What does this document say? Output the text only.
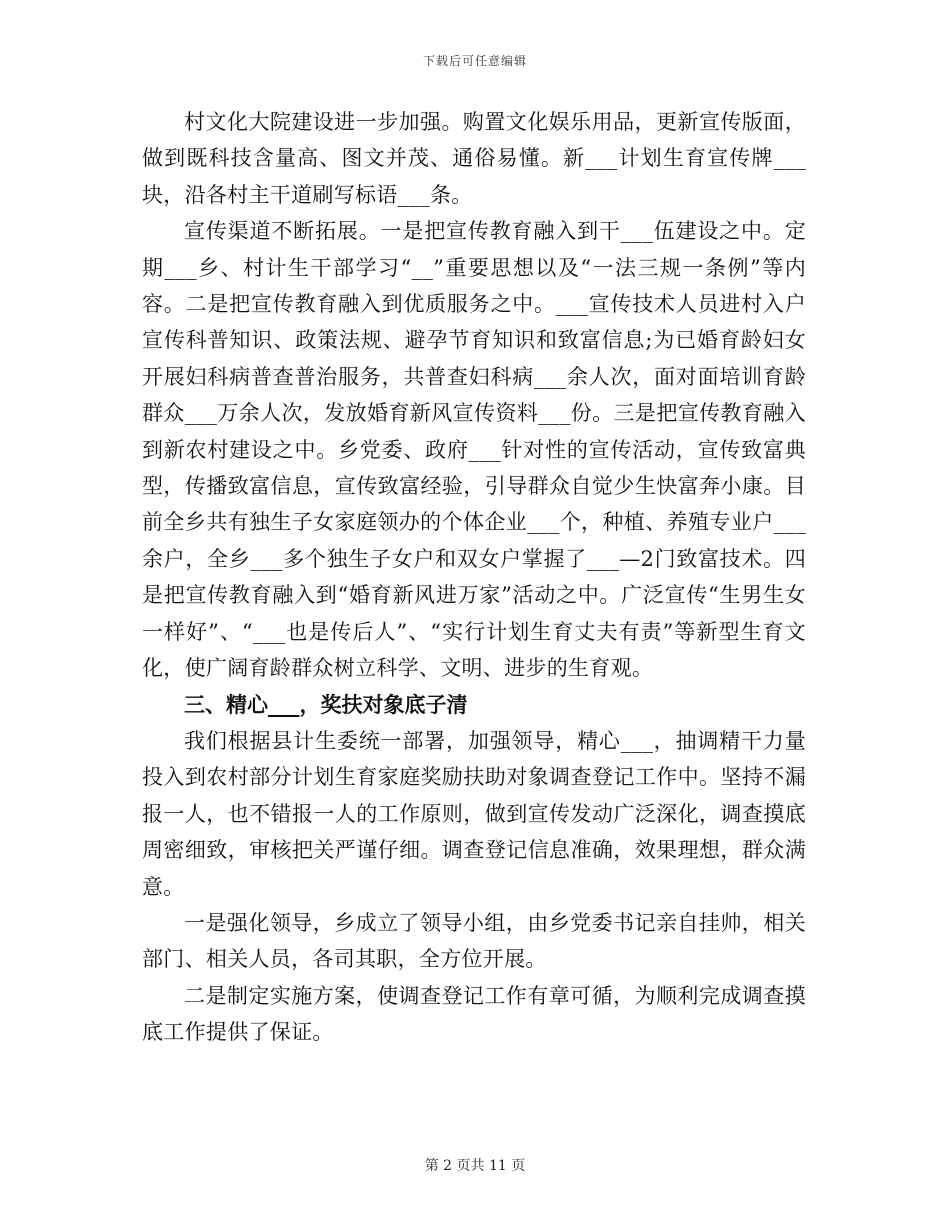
下载后可任意编辑

村文化大院建设进一步加强。购置文化娱乐用品，更新宣传版面，做到既科技含量高、图文并茂、通俗易懂。新___计划生育宣传牌___块，沿各村主干道刷写标语___条。

宣传渠道不断拓展。一是把宣传教育融入到干___伍建设之中。定期___乡、村计生干部学习“__”重要思想以及“一法三规一条例”等内容。二是把宣传教育融入到优质服务之中。___宣传技术人员进村入户宣传科普知识、政策法规、避孕节育知识和致富信息;为已婚育龄妇女开展妇科病普查普治服务，共普查妇科病___余人次，面对面培训育龄群众___万余人次，发放婚育新风宣传资料___份。三是把宣传教育融入到新农村建设之中。乡党委、政府___针对性的宣传活动，宣传致富典型，传播致富信息，宣传致富经验，引导群众自觉少生快富奔小康。目前全乡共有独生子女家庭领办的个体企业___个，种植、养殖专业户___余户，全乡___多个独生子女户和双女户掌握了___—2门致富技术。四是把宣传教育融入到“婚育新风进万家”活动之中。广泛宣传“生男生女一样好”、“___也是传后人”、“实行计划生育丈夫有责”等新型生育文化，使广阔育龄群众树立科学、文明、进步的生育观。

三、精心___，奖扶对象底子清

我们根据县计生委统一部署，加强领导，精心___，抽调精干力量投入到农村部分计划生育家庭奖励扶助对象调查登记工作中。坚持不漏报一人，也不错报一人的工作原则，做到宣传发动广泛深化，调查摸底周密细致，审核把关严谨仔细。调查登记信息准确，效果理想，群众满意。

一是强化领导，乡成立了领导小组，由乡党委书记亲自挂帅，相关部门、相关人员，各司其职，全方位开展。

二是制定实施方案，使调查登记工作有章可循，为顺利完成调查摸底工作提供了保证。

第 2 页共 11 页
